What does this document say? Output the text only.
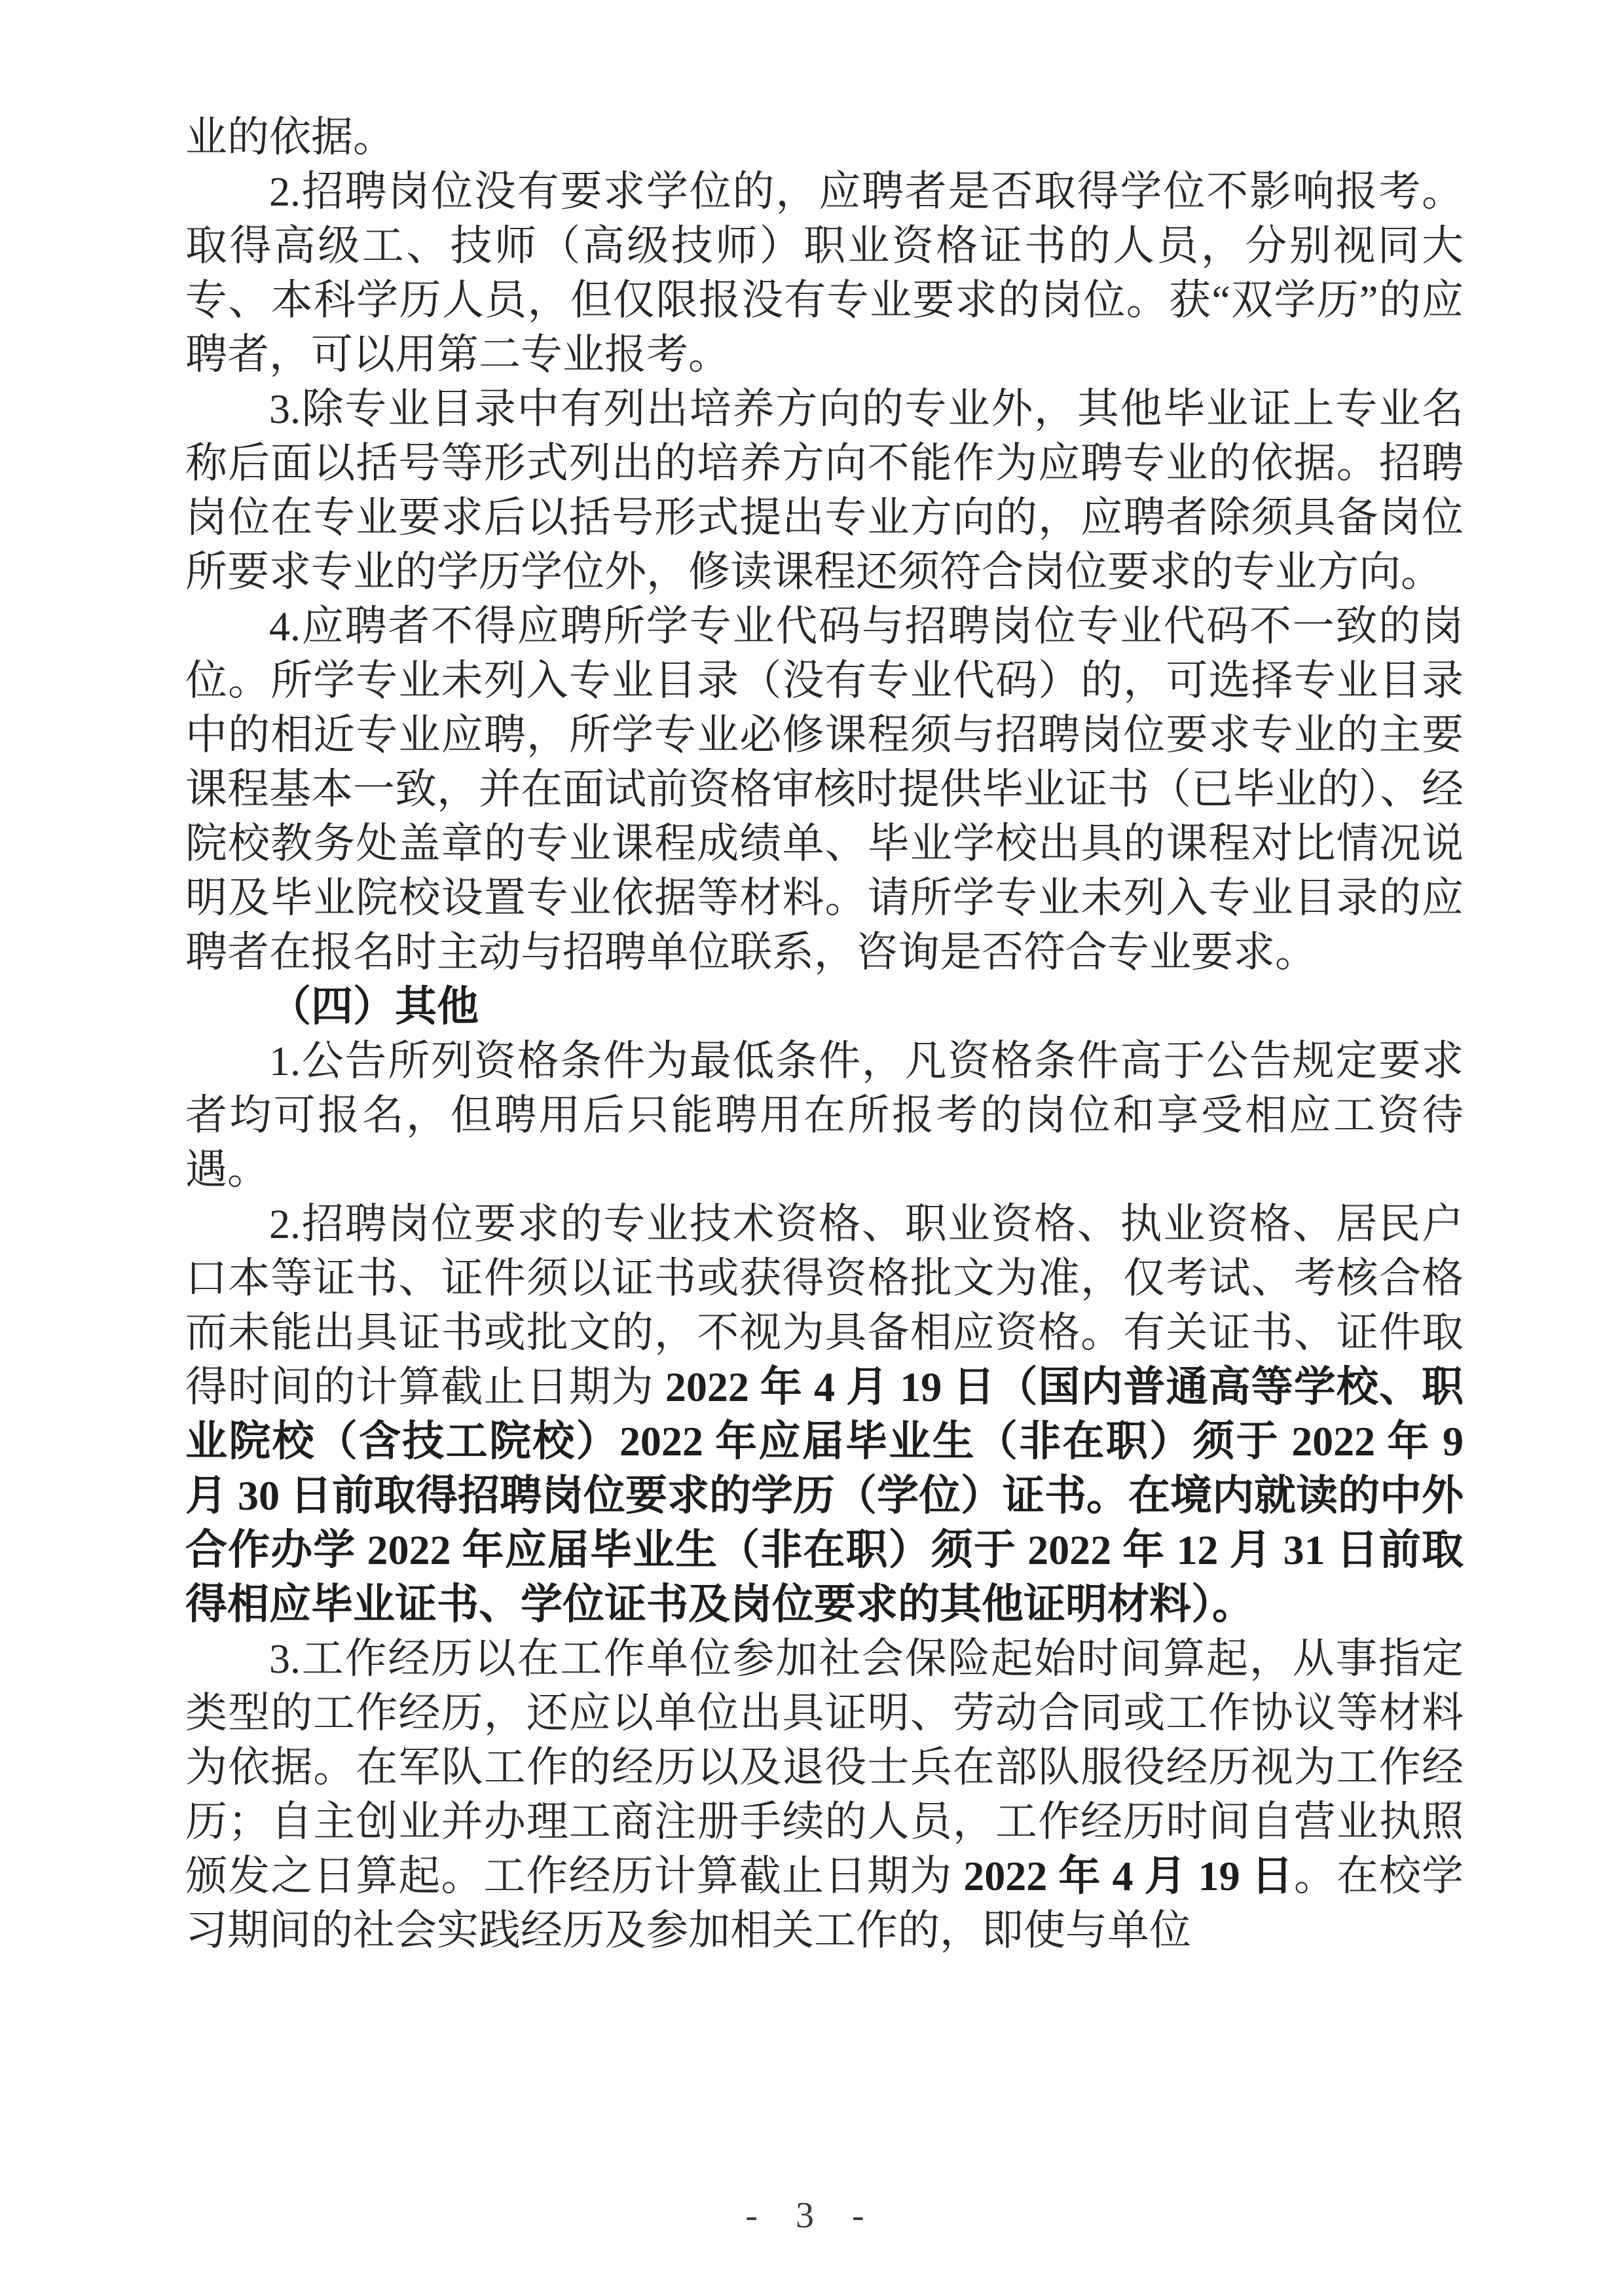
业的依据。

2.招聘岗位没有要求学位的，应聘者是否取得学位不影响报考。取得高级工、技师（高级技师）职业资格证书的人员，分别视同大专、本科学历人员，但仅限报没有专业要求的岗位。获“双学历”的应聘者，可以用第二专业报考。

3.除专业目录中有列出培养方向的专业外，其他毕业证上专业名称后面以括号等形式列出的培养方向不能作为应聘专业的依据。招聘岗位在专业要求后以括号形式提出专业方向的，应聘者除须具备岗位所要求专业的学历学位外，修读课程还须符合岗位要求的专业方向。

4.应聘者不得应聘所学专业代码与招聘岗位专业代码不一致的岗位。所学专业未列入专业目录（没有专业代码）的，可选择专业目录中的相近专业应聘，所学专业必修课程须与招聘岗位要求专业的主要课程基本一致，并在面试前资格审核时提供毕业证书（已毕业的）、经院校教务处盖章的专业课程成绩单、毕业学校出具的课程对比情况说明及毕业院校设置专业依据等材料。请所学专业未列入专业目录的应聘者在报名时主动与招聘单位联系，咨询是否符合专业要求。

（四）其他

1.公告所列资格条件为最低条件，凡资格条件高于公告规定要求者均可报名，但聘用后只能聘用在所报考的岗位和享受相应工资待遇。

2.招聘岗位要求的专业技术资格、职业资格、执业资格、居民户口本等证书、证件须以证书或获得资格批文为准，仅考试、考核合格而未能出具证书或批文的，不视为具备相应资格。有关证书、证件取得时间的计算截止日期为 2022 年 4 月 19 日（国内普通高等学校、职业院校（含技工院校）2022 年应届毕业生（非在职）须于 2022 年 9 月 30 日前取得招聘岗位要求的学历（学位）证书。在境内就读的中外合作办学 2022 年应届毕业生（非在职）须于 2022 年 12 月 31 日前取得相应毕业证书、学位证书及岗位要求的其他证明材料）。

3.工作经历以在工作单位参加社会保险起始时间算起，从事指定类型的工作经历，还应以单位出具证明、劳动合同或工作协议等材料为依据。在军队工作的经历以及退役士兵在部队服役经历视为工作经历；自主创业并办理工商注册手续的人员，工作经历时间自营业执照颁发之日算起。工作经历计算截止日期为 2022 年 4 月 19 日。在校学习期间的社会实践经历及参加相关工作的，即使与单位

- 3 -
